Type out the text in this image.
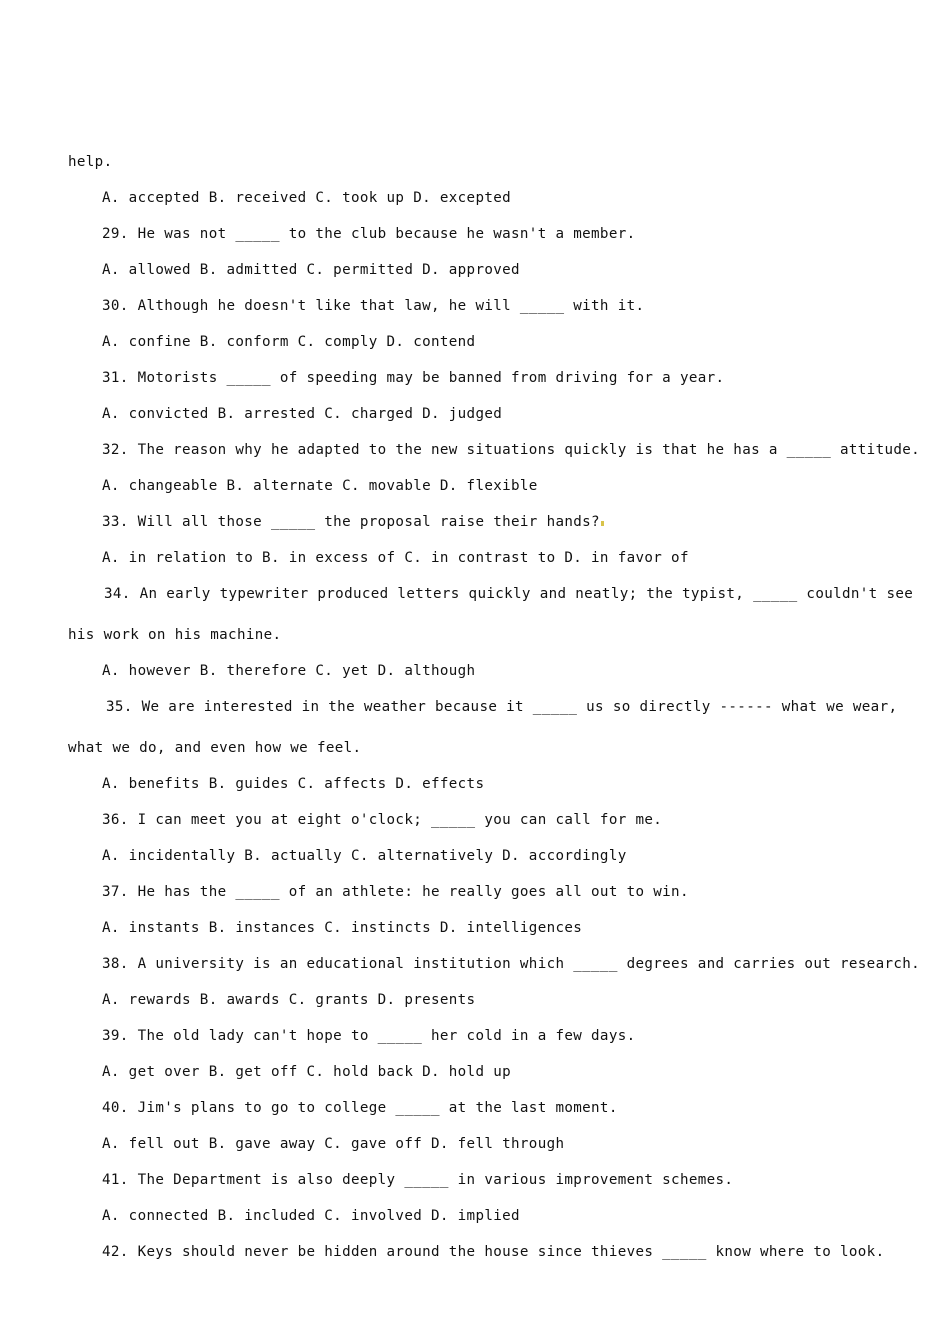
help.
A. accepted B. received C. took up D. excepted
29. He was not _____ to the club because he wasn't a member.
A. allowed B. admitted C. permitted D. approved
30. Although he doesn't like that law, he will _____ with it.
A. confine B. conform C. comply D. contend
31. Motorists _____ of speeding may be banned from driving for a year.
A. convicted B. arrested C. charged D. judged
32. The reason why he adapted to the new situations quickly is that he has a _____ attitude.
A. changeable B. alternate C. movable D. flexible
33. Will all those _____ the proposal raise their hands?
A. in relation to B. in excess of C. in contrast to D. in favor of
34. An early typewriter produced letters quickly and neatly; the typist, _____ couldn't see
his work on his machine.
A. however B. therefore C. yet D. although
35. We are interested in the weather because it _____ us so directly ------ what we wear,
what we do, and even how we feel.
A. benefits B. guides C. affects D. effects
36. I can meet you at eight o'clock; _____ you can call for me.
A. incidentally B. actually C. alternatively D. accordingly
37. He has the _____ of an athlete: he really goes all out to win.
A. instants B. instances C. instincts D. intelligences
38. A university is an educational institution which _____ degrees and carries out research.
A. rewards B. awards C. grants D. presents
39. The old lady can't hope to _____ her cold in a few days.
A. get over B. get off C. hold back D. hold up
40. Jim's plans to go to college _____ at the last moment.
A. fell out B. gave away C. gave off D. fell through
41. The Department is also deeply _____ in various improvement schemes.
A. connected B. included C. involved D. implied
42. Keys should never be hidden around the house since thieves _____ know where to look.
